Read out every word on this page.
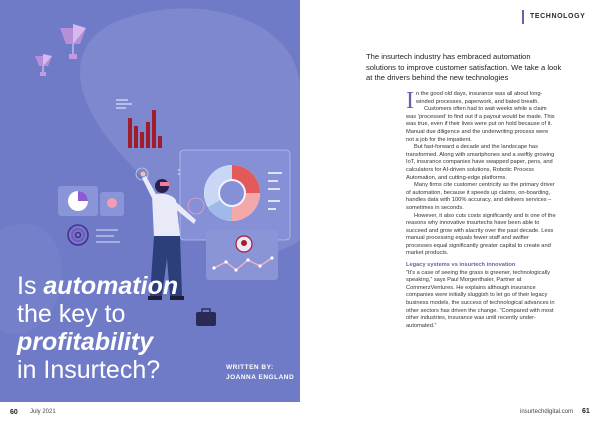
Is automation
the key to
profitability
in Insurtech?	WRITTEN BY:
JOANNA ENGLAND
60 July 2021
TECHNOLOGY
The insurtech industry has embraced automation solutions to improve customer satisfaction. We take a look at the drivers behind the new technologies

In the good old days, insurance was all about long-winded processes, paperwork, and bated breath.

Customers often had to wait weeks while a claim was ‘processed’ to find out if a payout would be made. This was true, even if their lives were put on hold because of it. Manual due diligence and the underwriting process were not a job for the impatient.

But fast-forward a decade and the landscape has transformed. Along with smartphones and a swiftly growing IoT, insurance companies have swapped paper, pens, and calculators for AI-driven solutions, Robotic Process Automation, and cutting-edge platforms.

Many firms cite customer centricity as the primary driver of automation, because it speeds up claims, on-boarding, handles data with 100% accuracy, and delivers services – sometimes in seconds.

However, it also cuts costs significantly and is one of the reasons why innovative insurtechs have been able to succeed and grow with alacrity over the past decade. Less manual processing equals fewer staff and swifter processes equal significantly greater capital to create and market products.

Legacy systems vs insurtech innovation

“It’s a case of seeing the grass is greener, technologically speaking,” says Paul Morgenthaler, Partner at CommerzVentures. He explains although insurance companies were initially sluggish to let go of their legacy business models, the success of technological advances in other sectors has driven the change. “Compared with most other industries, insurance was until recently under-automated.”

insurtechdigital.com 61
